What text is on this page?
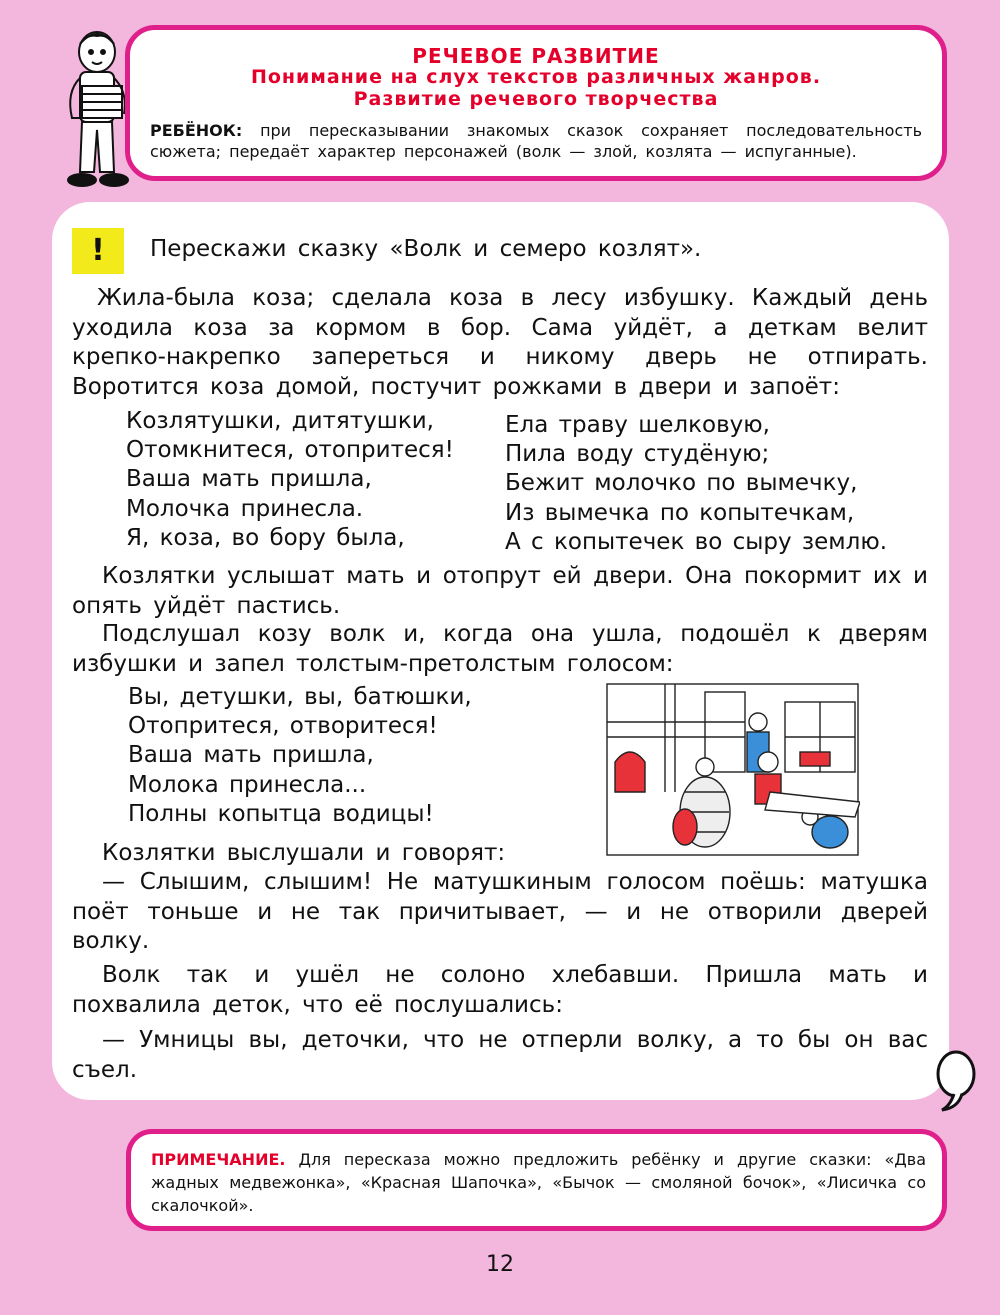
РЕЧЕВОЕ РАЗВИТИЕ
Понимание на слух текстов различных жанров.
Развитие речевого творчества
РЕБЁНОК: при пересказывании знакомых сказок сохраняет последовательность сюжета; передаёт характер персонажей (волк — злой, козлята — испуганные).
!	Перескажи сказку «Волк и семеро козлят».
Жила-была коза; сделала коза в лесу избушку. Каждый день уходила коза за кормом в бор. Сама уйдёт, а деткам велит крепко-накрепко запереться и никому дверь не отпирать. Воротится коза домой, постучит рожками в двери и запоёт:
Козлятушки, дитятушки,
Отомкнитеся, отопритеся!
Ваша мать пришла,
Молочка принесла.
Я, коза, во бору была,
Ела траву шелковую,
Пила воду студёную;
Бежит молочко по вымечку,
Из вымечка по копытечкам,
А с копытечек во сыру землю.
Козлятки услышат мать и отопрут ей двери. Она покормит их и опять уйдёт пастись.
Подслушал козу волк и, когда она ушла, подошёл к дверям избушки и запел толстым-претолстым голосом:
Вы, детушки, вы, батюшки,
Отопритеся, отворитеся!
Ваша мать пришла,
Молока принесла...
Полны копытца водицы!
Козлятки выслушали и говорят:
— Слышим, слышим! Не матушкиным голосом поёшь: матушка поёт тоньше и не так причитывает, — и не отворили дверей волку.
Волк так и ушёл не солоно хлебавши. Пришла мать и похвалила деток, что её послушались:
— Умницы вы, деточки, что не отперли волку, а то бы он вас съел.
ПРИМЕЧАНИЕ. Для пересказа можно предложить ребёнку и другие сказки: «Два жадных медвежонка», «Красная Шапочка», «Бычок — смоляной бочок», «Лисичка со скалочкой».
12
